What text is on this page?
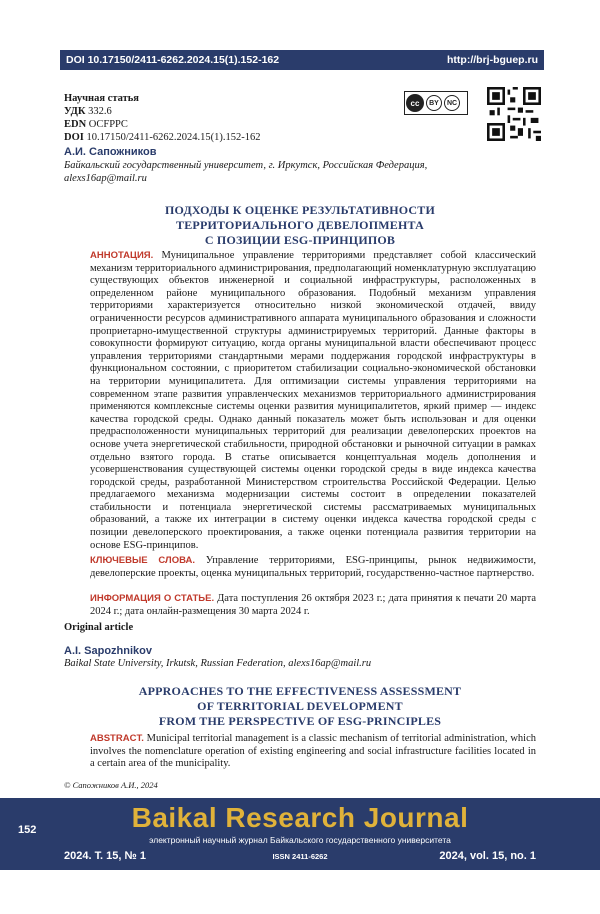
DOI 10.17150/2411-6262.2024.15(1).152-162	http://brj-bguep.ru
Научная статья
УДК 332.6
EDN OCFPPC
DOI 10.17150/2411-6262.2024.15(1).152-162
cc	BY	NC
А.И. Сапожников
Байкальский государственный университет, г. Иркутск, Российская Федерация,
alexs16ap@mail.ru
ПОДХОДЫ К ОЦЕНКЕ РЕЗУЛЬТАТИВНОСТИ
ТЕРРИТОРИАЛЬНОГО ДЕВЕЛОПМЕНТА
С ПОЗИЦИИ ESG-ПРИНЦИПОВ
АННОТАЦИЯ. Муниципальное управление территориями представляет собой классический механизм территориального администрирования, предполагающий номенклатурную эксплуатацию существующих объектов инженерной и социальной инфраструктуры, расположенных в определенном районе муниципального образования. Подобный механизм управления территориями характеризуется относительно низкой экономической отдачей, ввиду ограниченности ресурсов административного аппарата муниципального образования и сложности проприетарно-имущественной структуры администрируемых территорий. Данные факторы в совокупности формируют ситуацию, когда органы муниципальной власти обеспечивают процесс управления территориями стандартными мерами поддержания городской инфраструктуры в функциональном состоянии, с приоритетом стабилизации социально-экономической обстановки на территории муниципалитета. Для оптимизации системы управления территориями на современном этапе развития управленческих механизмов территориального администрирования применяются комплексные системы оценки развития муниципалитетов, яркий пример — индекс качества городской среды. Однако данный показатель может быть использован и для оценки предрасположенности муниципальных территорий для реализации девелоперских проектов на основе учета энергетической стабильности, природной обстановки и рыночной ситуации в рамках отдельно взятого города. В статье описывается концептуальная модель дополнения и усовершенствования существующей системы оценки городской среды в виде индекса качества городской среды, разработанной Министерством строительства Российской Федерации. Целью предлагаемого механизма модернизации системы состоит в определении показателей стабильности и потенциала энергетической системы рассматриваемых муниципальных образований, а также их интеграции в систему оценки индекса качества городской среды с позиции девелоперского проектирования, а также оценки потенциала развития территории на основе ESG-принципов.
КЛЮЧЕВЫЕ СЛОВА. Управление территориями, ESG-принципы, рынок недвижимости, девелоперские проекты, оценка муниципальных территорий, государственно-частное партнерство.
ИНФОРМАЦИЯ О СТАТЬЕ. Дата поступления 26 октября 2023 г.; дата принятия к печати 20 марта 2024 г.; дата онлайн-размещения 30 марта 2024 г.
Original article
A.I. Sapozhnikov
Baikal State University, Irkutsk, Russian Federation, alexs16ap@mail.ru
APPROACHES TO THE EFFECTIVENESS ASSESSMENT
OF TERRITORIAL DEVELOPMENT
FROM THE PERSPECTIVE OF ESG-PRINCIPLES
ABSTRACT. Municipal territorial management is a classic mechanism of territorial administration, which involves the nomenclature operation of existing engineering and social infrastructure facilities located in a certain area of the municipality.
© Сапожников А.И., 2024
152	Baikal Research Journal
электронный научный журнал Байкальского государственного университета
2024. Т. 15, № 1	ISSN 2411-6262	2024, vol. 15, no. 1
